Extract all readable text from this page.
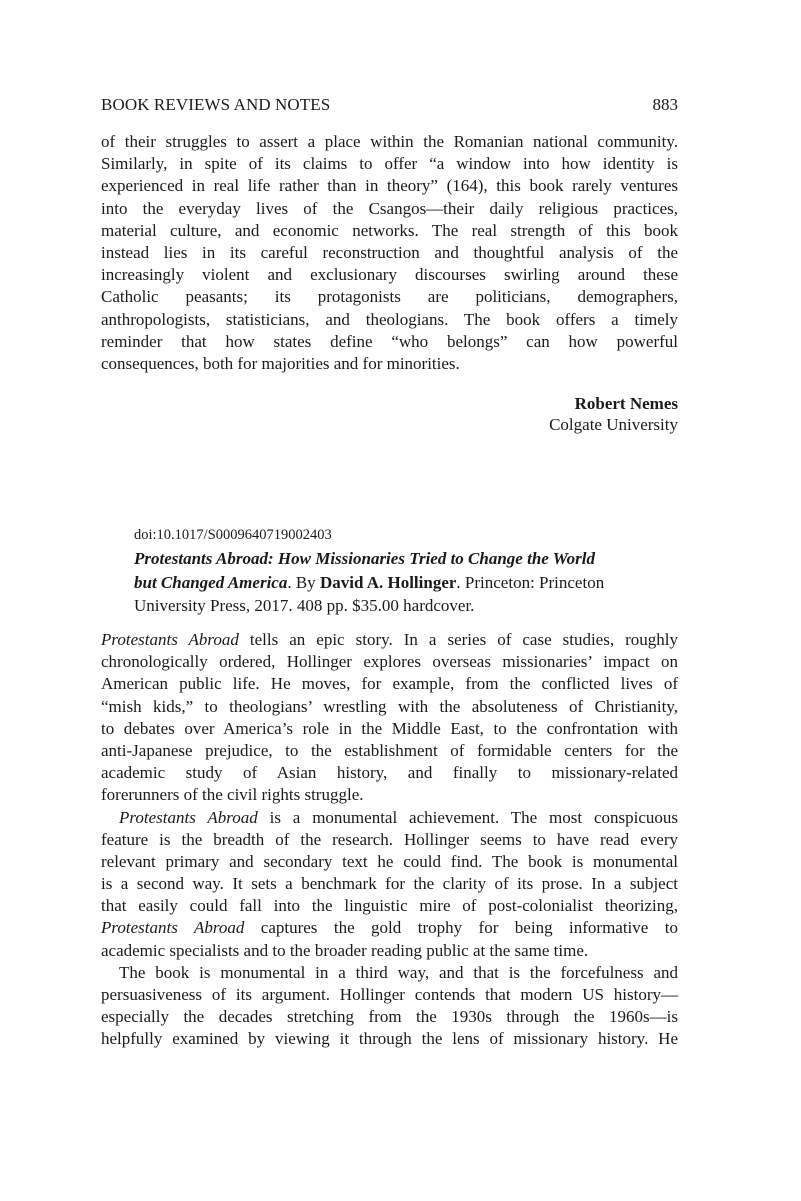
BOOK REVIEWS AND NOTES	883
of their struggles to assert a place within the Romanian national community.
Similarly, in spite of its claims to offer “a window into how identity is
experienced in real life rather than in theory” (164), this book rarely ventures
into the everyday lives of the Csangos—their daily religious practices,
material culture, and economic networks. The real strength of this book
instead lies in its careful reconstruction and thoughtful analysis of the
increasingly violent and exclusionary discourses swirling around these
Catholic peasants; its protagonists are politicians, demographers,
anthropologists, statisticians, and theologians. The book offers a timely
reminder that how states define “who belongs” can how powerful
consequences, both for majorities and for minorities.
Robert Nemes
Colgate University
doi:10.1017/S0009640719002403
Protestants Abroad: How Missionaries Tried to Change the World
but Changed America. By David A. Hollinger. Princeton: Princeton
University Press, 2017. 408 pp. $35.00 hardcover.
Protestants Abroad tells an epic story. In a series of case studies, roughly
chronologically ordered, Hollinger explores overseas missionaries’ impact on
American public life. He moves, for example, from the conflicted lives of
“mish kids,” to theologians’ wrestling with the absoluteness of Christianity,
to debates over America’s role in the Middle East, to the confrontation with
anti-Japanese prejudice, to the establishment of formidable centers for the
academic study of Asian history, and finally to missionary-related
forerunners of the civil rights struggle.
Protestants Abroad is a monumental achievement. The most conspicuous
feature is the breadth of the research. Hollinger seems to have read every
relevant primary and secondary text he could find. The book is monumental
is a second way. It sets a benchmark for the clarity of its prose. In a subject
that easily could fall into the linguistic mire of post-colonialist theorizing,
Protestants Abroad captures the gold trophy for being informative to
academic specialists and to the broader reading public at the same time.
The book is monumental in a third way, and that is the forcefulness and
persuasiveness of its argument. Hollinger contends that modern US history—
especially the decades stretching from the 1930s through the 1960s—is
helpfully examined by viewing it through the lens of missionary history. He
